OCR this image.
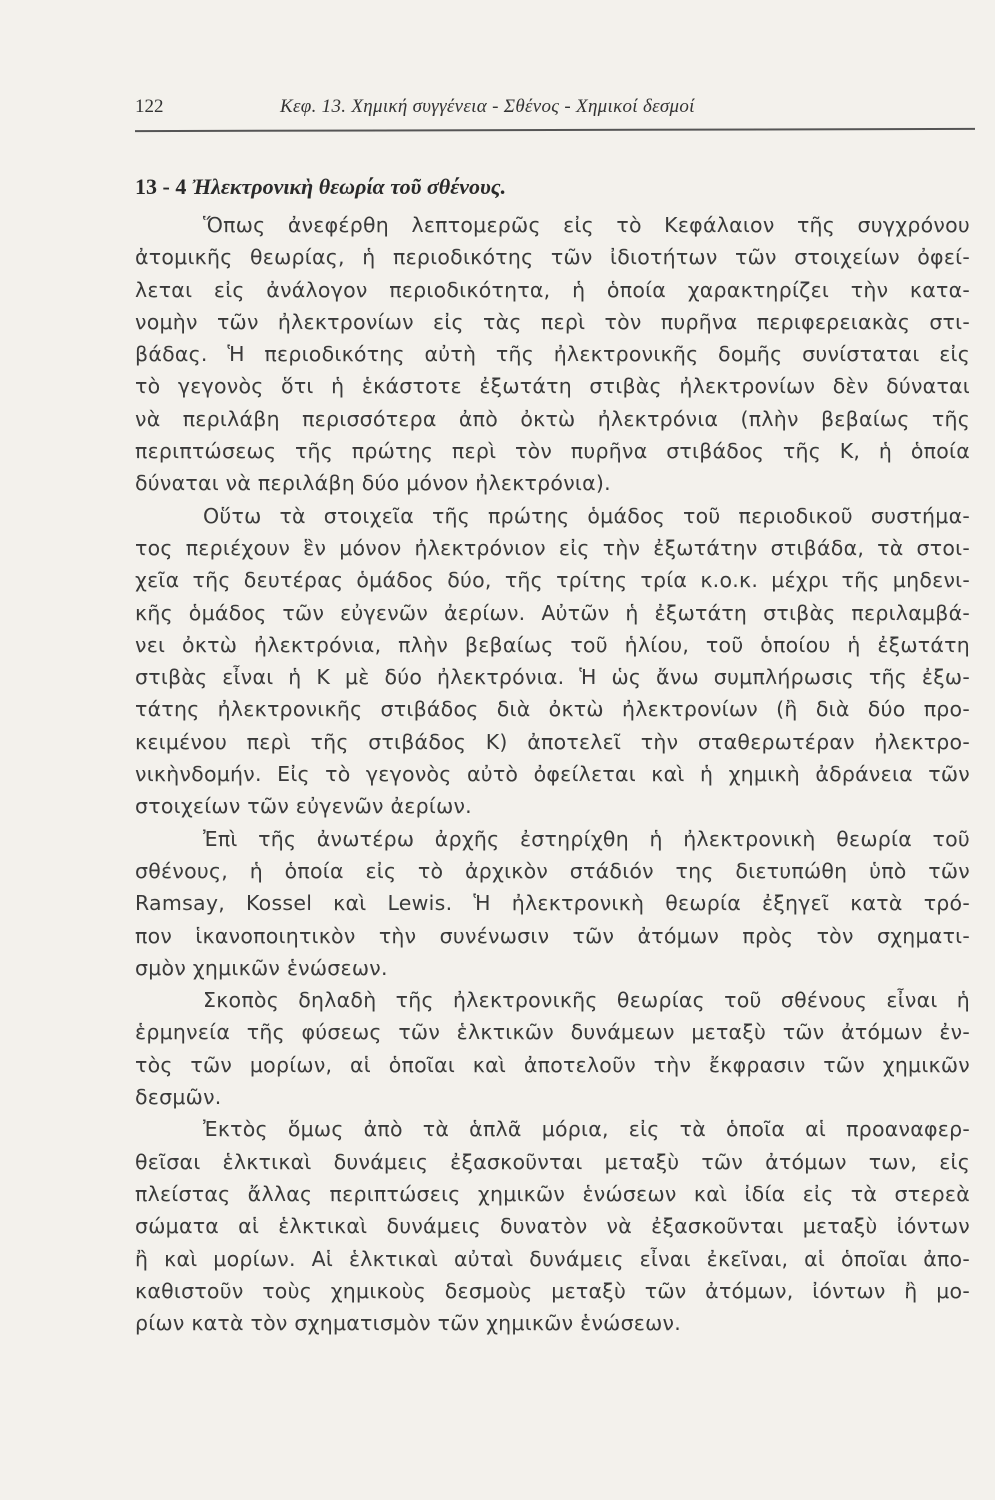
122	Κεφ. 13. Χημική συγγένεια - Σθένος - Χημικοί δεσμοί
13 - 4 Ἠλεκτρονικὴ θεωρία τοῦ σθένους.
Ὅπως ἀνεφέρθη λεπτομερῶς εἰς τὸ Κεφάλαιον τῆς συγχρόνου
ἀτομικῆς θεωρίας, ἡ περιοδικότης τῶν ἰδιοτήτων τῶν στοιχείων ὀφεί-
λεται εἰς ἀνάλογον περιοδικότητα, ἡ ὁποία χαρακτηρίζει τὴν κατα-
νομὴν τῶν ἠλεκτρονίων εἰς τὰς περὶ τὸν πυρῆνα περιφερειακὰς στι-
βάδας. Ἡ περιοδικότης αὐτὴ τῆς ἠλεκτρονικῆς δομῆς συνίσταται εἰς
τὸ γεγονὸς ὅτι ἡ ἑκάστοτε ἐξωτάτη στιβὰς ἠλεκτρονίων δὲν δύναται
νὰ περιλάβη περισσότερα ἀπὸ ὀκτὼ ἠλεκτρόνια (πλὴν βεβαίως τῆς
περιπτώσεως τῆς πρώτης περὶ τὸν πυρῆνα στιβάδος τῆς K, ἡ ὁποία
δύναται νὰ περιλάβη δύο μόνον ἠλεκτρόνια).
Οὕτω τὰ στοιχεῖα τῆς πρώτης ὁμάδος τοῦ περιοδικοῦ συστήμα-
τος περιέχουν ἓν μόνον ἠλεκτρόνιον εἰς τὴν ἐξωτάτην στιβάδα, τὰ στοι-
χεῖα τῆς δευτέρας ὁμάδος δύο, τῆς τρίτης τρία κ.ο.κ. μέχρι τῆς μηδενι-
κῆς ὁμάδος τῶν εὐγενῶν ἀερίων. Αὐτῶν ἡ ἐξωτάτη στιβὰς περιλαμβά-
νει ὀκτὼ ἠλεκτρόνια, πλὴν βεβαίως τοῦ ἡλίου, τοῦ ὁποίου ἡ ἐξωτάτη
στιβὰς εἶναι ἡ K μὲ δύο ἠλεκτρόνια. Ἡ ὡς ἄνω συμπλήρωσις τῆς ἐξω-
τάτης ἠλεκτρονικῆς στιβάδος διὰ ὀκτὼ ἠλεκτρονίων (ἢ διὰ δύο προ-
κειμένου περὶ τῆς στιβάδος K) ἀποτελεῖ τὴν σταθερωτέραν ἠλεκτρο-
νικὴνδομήν. Εἰς τὸ γεγονὸς αὐτὸ ὀφείλεται καὶ ἡ χημικὴ ἀδράνεια τῶν
στοιχείων τῶν εὐγενῶν ἀερίων.
Ἐπὶ τῆς ἀνωτέρω ἀρχῆς ἐστηρίχθη ἡ ἠλεκτρονικὴ θεωρία τοῦ
σθένους, ἡ ὁποία εἰς τὸ ἀρχικὸν στάδιόν της διετυπώθη ὑπὸ τῶν
Ramsay, Kossel καὶ Lewis. Ἡ ἠλεκτρονικὴ θεωρία ἐξηγεῖ κατὰ τρό-
πον ἱκανοποιητικὸν τὴν συνένωσιν τῶν ἀτόμων πρὸς τὸν σχηματι-
σμὸν χημικῶν ἑνώσεων.
Σκοπὸς δηλαδὴ τῆς ἠλεκτρονικῆς θεωρίας τοῦ σθένους εἶναι ἡ
ἑρμηνεία τῆς φύσεως τῶν ἑλκτικῶν δυνάμεων μεταξὺ τῶν ἀτόμων ἐν-
τὸς τῶν μορίων, αἱ ὁποῖαι καὶ ἀποτελοῦν τὴν ἔκφρασιν τῶν χημικῶν
δεσμῶν.
Ἐκτὸς ὅμως ἀπὸ τὰ ἁπλᾶ μόρια, εἰς τὰ ὁποῖα αἱ προαναφερ-
θεῖσαι ἑλκτικαὶ δυνάμεις ἐξασκοῦνται μεταξὺ τῶν ἀτόμων των, εἰς
πλείστας ἄλλας περιπτώσεις χημικῶν ἑνώσεων καὶ ἰδία εἰς τὰ στερεὰ
σώματα αἱ ἑλκτικαὶ δυνάμεις δυνατὸν νὰ ἐξασκοῦνται μεταξὺ ἰόντων
ἢ καὶ μορίων. Αἱ ἑλκτικαὶ αὐταὶ δυνάμεις εἶναι ἐκεῖναι, αἱ ὁποῖαι ἀπο-
καθιστοῦν τοὺς χημικοὺς δεσμοὺς μεταξὺ τῶν ἀτόμων, ἰόντων ἢ μο-
ρίων κατὰ τὸν σχηματισμὸν τῶν χημικῶν ἑνώσεων.
